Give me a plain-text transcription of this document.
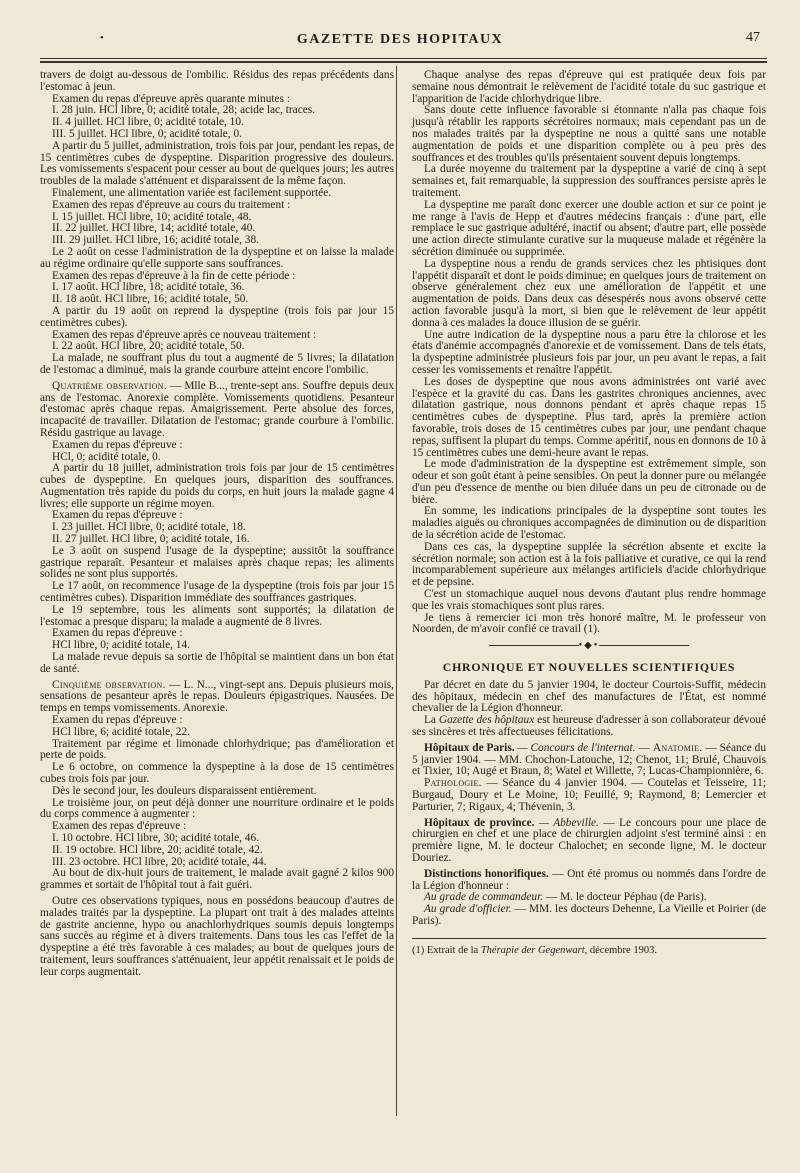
•	GAZETTE DES HOPITAUX	47

travers de doigt au-dessous de l'ombilic. Résidus des repas précédents dans l'estomac à jeun.

Examen du repas d'épreuve après quarante minutes :

I. 28 juin. HCl libre, 0; acidité totale, 28; acide lac, traces.

II. 4 juillet. HCl libre, 0; acidité totale, 10.

III. 5 juillet. HCl libre, 0; acidité totale, 0.

A partir du 5 juillet, administration, trois fois par jour, pendant les repas, de 15 centimètres cubes de dyspeptine. Disparition progressive des douleurs. Les vomissements s'espacent pour cesser au bout de quelques jours; les autres troubles de la malade s'atténuent et disparaissent de la même façon.

Finalement, une alimentation variée est facilement supportée.

Examen des repas d'épreuve au cours du traitement :

I. 15 juillet. HCl libre, 10; acidité totale, 48.

II. 22 juillet. HCl libre, 14; acidité totale, 40.

III. 29 juillet. HCl libre, 16; acidité totale, 38.

Le 2 août on cesse l'administration de la dyspeptine et on laisse la malade au régime ordinaire qu'elle supporte sans souffrances.

Examen des repas d'épreuve à la fin de cette période :

I. 17 août. HCl libre, 18; acidité totale, 36.

II. 18 août. HCl libre, 16; acidité totale, 50.

A partir du 19 août on reprend la dyspeptine (trois fois par jour 15 centimètres cubes).

Examen des repas d'épreuve après ce nouveau traitement :

I. 22 août. HCl libre, 20; acidité totale, 50.

La malade, ne souffrant plus du tout a augmenté de 5 livres; la dilatation de l'estomac a diminué, mais la grande courbure atteint encore l'ombilic.

Quatrième observation. — Mlle B..., trente-sept ans. Souffre depuis deux ans de l'estomac. Anorexie complète. Vomissements quotidiens. Pesanteur d'estomac après chaque repas. Amaigrissement. Perte absolue des forces, incapacité de travailler. Dilatation de l'estomac; grande courbure à l'ombilic. Résidu gastrique au lavage.

Examen du repas d'épreuve :

HCl, 0; acidité totale, 0.

A partir du 18 juillet, administration trois fois par jour de 15 centimètres cubes de dyspeptine. En quelques jours, disparition des souffrances. Augmentation très rapide du poids du corps, en huit jours la malade gagne 4 livres; elle supporte un régime moyen.

Examen du repas d'épreuve :

I. 23 juillet. HCl libre, 0; acidité totale, 18.

II. 27 juillet. HCl libre, 0; acidité totale, 16.

Le 3 août on suspend l'usage de la dyspeptine; aussitôt la souffrance gastrique reparaît. Pesanteur et malaises après chaque repas; les aliments solides ne sont plus supportés.

Le 17 août, on recommence l'usage de la dyspeptine (trois fois par jour 15 centimètres cubes). Disparition immédiate des souffrances gastriques.

Le 19 septembre, tous les aliments sont supportés; la dilatation de l'estomac a presque disparu; la malade a augmenté de 8 livres.

Examen du repas d'épreuve :

HCl libre, 0; acidité totale, 14.

La malade revue depuis sa sortie de l'hôpital se maintient dans un bon état de santé.

Cinquième observation. — L. N..., vingt-sept ans. Depuis plusieurs mois, sensations de pesanteur après le repas. Douleurs épigastriques. Nausées. De temps en temps vomissements. Anorexie.

Examen du repas d'épreuve :

HCl libre, 6; acidité totale, 22.

Traitement par régime et limonade chlorhydrique; pas d'amélioration et perte de poids.

Le 6 octobre, on commence la dyspeptine à la dose de 15 centimètres cubes trois fois par jour.

Dès le second jour, les douleurs disparaissent entièrement.

Le troisième jour, on peut déjà donner une nourriture ordinaire et le poids du corps commence à augmenter :

Examen des repas d'épreuve :

I. 10 octobre. HCl libre, 30; acidité totale, 46.

II. 19 octobre. HCl libre, 20; acidité totale, 42.

III. 23 octobre. HCl libre, 20; acidité totale, 44.

Au bout de dix-huit jours de traitement, le malade avait gagné 2 kilos 900 grammes et sortait de l'hôpital tout à fait guéri.

Outre ces observations typiques, nous en possédons beaucoup d'autres de malades traités par la dyspeptine. La plupart ont trait à des malades atteints de gastrite ancienne, hypo ou anachlorhydriques soumis depuis longtemps sans succès au régime et à divers traitements. Dans tous les cas l'effet de la dyspeptine a été très favorable à ces malades; au bout de quelques jours de traitement, leurs souffrances s'atténuaient, leur appétit renaissait et le poids de leur corps augmentait.

Chaque analyse des repas d'épreuve qui est pratiquée deux fois par semaine nous démontrait le relèvement de l'acidité totale du suc gastrique et l'apparition de l'acide chlorhydrique libre.

Sans doute cette influence favorable si étonnante n'alla pas chaque fois jusqu'à rétablir les rapports sécrétoires normaux; mais cependant pas un de nos malades traités par la dyspeptine ne nous a quitté sans une notable augmentation de poids et une disparition complète ou à peu près des souffrances et des troubles qu'ils présentaient souvent depuis longtemps.

La durée moyenne du traitement par la dyspeptine a varié de cinq à sept semaines et, fait remarquable, la suppression des souffrances persiste après le traitement.

La dyspeptine me paraît donc exercer une double action et sur ce point je me range à l'avis de Hepp et d'autres médecins français : d'une part, elle remplace le suc gastrique adultéré, inactif ou absent; d'autre part, elle possède une action directe stimulante curative sur la muqueuse malade et régénère la sécrétion diminuée ou supprimée.

La dyspeptine nous a rendu de grands services chez les phtisiques dont l'appétit disparaît et dont le poids diminue; en quelques jours de traitement on observe généralement chez eux une amélioration de l'appétit et une augmentation de poids. Dans deux cas désespérés nous avons observé cette action favorable jusqu'à la mort, si bien que le relèvement de leur appétit donna à ces malades la douce illusion de se guérir.

Une autre indication de la dyspeptine nous a paru être la chlorose et les états d'anémie accompagnés d'anorexie et de vomissement. Dans de tels états, la dyspeptine administrée plusieurs fois par jour, un peu avant le repas, a fait cesser les vomissements et renaître l'appétit.

Les doses de dyspeptine que nous avons administrées ont varié avec l'espèce et la gravité du cas. Dans les gastrites chroniques anciennes, avec dilatation gastrique, nous donnons pendant et après chaque repas 15 centimètres cubes de dyspeptine. Plus tard, après la première action favorable, trois doses de 15 centimètres cubes par jour, une pendant chaque repas, suffisent la plupart du temps. Comme apéritif, nous en donnons de 10 à 15 centimètres cubes une demi-heure avant le repas.

Le mode d'administration de la dyspeptine est extrêmement simple, son odeur et son goût étant à peine sensibles. On peut la donner pure ou mélangée d'un peu d'essence de menthe ou bien diluée dans un peu de citronade ou de bière.

En somme, les indications principales de la dyspeptine sont toutes les maladies aiguës ou chroniques accompagnées de diminution ou de disparition de la sécrétion acide de l'estomac.

Dans ces cas, la dyspeptine supplée la sécrétion absente et excite la sécrétion normale; son action est à la fois palliative et curative, ce qui la rend incomparablement supérieure aux mélanges artificiels d'acide chlorhydrique et de pepsine.

C'est un stomachique auquel nous devons d'autant plus rendre hommage que les vrais stomachiques sont plus rares.

Je tiens à remercier ici mon très honoré maître, M. le professeur von Noorden, de m'avoir confié ce travail (1).

•◆•
CHRONIQUE ET NOUVELLES SCIENTIFIQUES

Par décret en date du 5 janvier 1904, le docteur Courtois-Suffit, médecin des hôpitaux, médecin en chef des manufactures de l'État, est nommé chevalier de la Légion d'honneur.

La Gazette des hôpitaux est heureuse d'adresser à son collaborateur dévoué ses sincères et très affectueuses félicitations.

Hôpitaux de Paris. — Concours de l'internat. — Anatomie. — Séance du 5 janvier 1904. — MM. Chochon-Latouche, 12; Chenot, 11; Brulé, Chauvois et Tixier, 10; Augé et Braun, 8; Watel et Willette, 7; Lucas-Championnière, 6.

Pathologie. — Séance du 4 janvier 1904. — Coutelas et Teisseire, 11; Burgaud, Doury et Le Moine, 10; Feuillé, 9; Raymond, 8; Lemercier et Parturier, 7; Rigaux, 4; Thévenin, 3.

Hôpitaux de province. — Abbeville. — Le concours pour une place de chirurgien en chef et une place de chirurgien adjoint s'est terminé ainsi : en première ligne, M. le docteur Chalochet; en seconde ligne, M. le docteur Douriez.

Distinctions honorifiques. — Ont été promus ou nommés dans l'ordre de la Légion d'honneur :

Au grade de commandeur. — M. le docteur Péphau (de Paris).

Au grade d'officier. — MM. les docteurs Dehenne, La Vieille et Poirier (de Paris).

(1) Extrait de la Thérapie der Gegenwart, décembre 1903.
